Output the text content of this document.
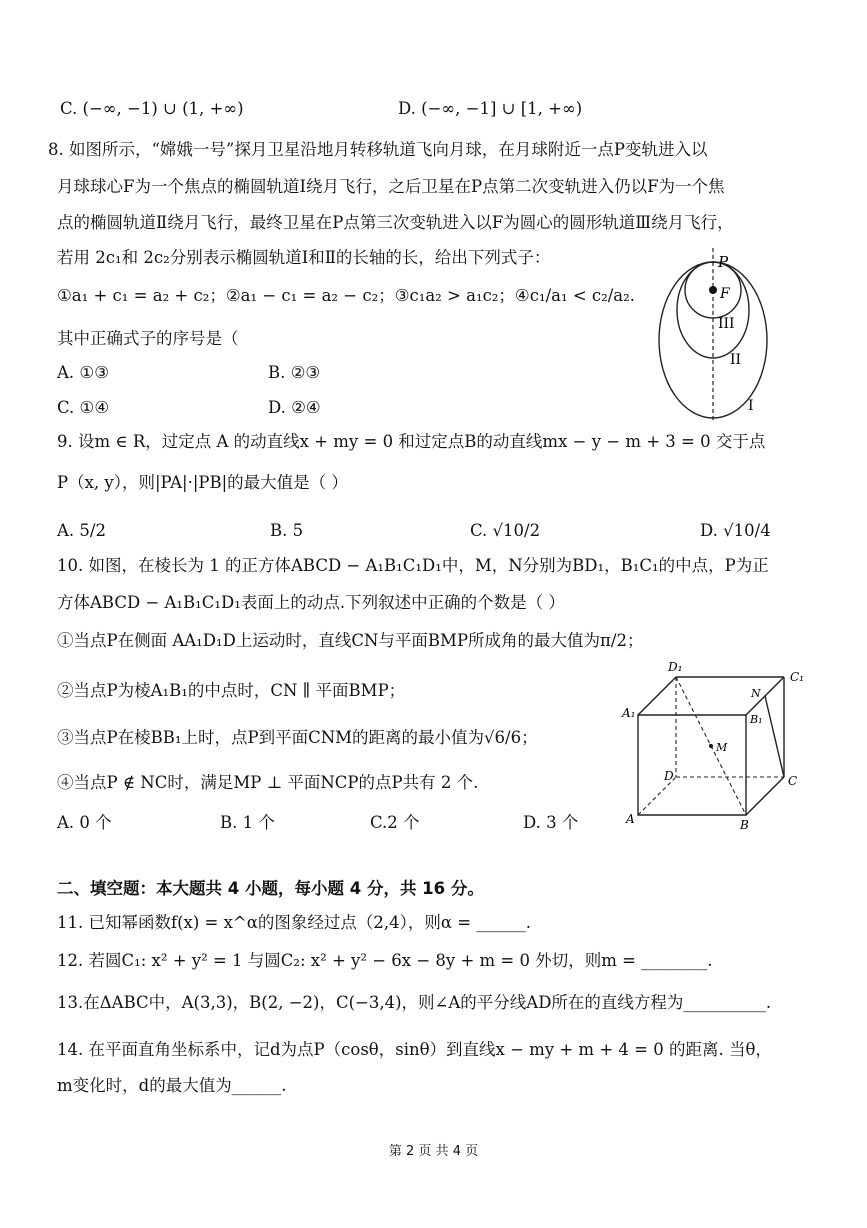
C. (−∞, −1) ∪ (1, +∞)	D. (−∞, −1] ∪ [1, +∞)
8. 如图所示，“嫦娥一号”探月卫星沿地月转移轨道飞向月球，在月球附近一点P变轨进入以
月球球心F为一个焦点的椭圆轨道Ⅰ绕月飞行，之后卫星在P点第二次变轨进入仍以F为一个焦
点的椭圆轨道Ⅱ绕月飞行，最终卫星在P点第三次变轨进入以F为圆心的圆形轨道Ⅲ绕月飞行，
若用 2c₁和 2c₂分别表示椭圆轨道Ⅰ和Ⅱ的长轴的长，给出下列式子：
①a₁ + c₁ = a₂ + c₂；②a₁ − c₁ = a₂ − c₂；③c₁a₂ > a₁c₂；④c₁/a₁ < c₂/a₂.
其中正确式子的序号是（
A. ①③	B. ②③
C. ①④	D. ②④
P
F
III
II
I
9. 设m ∈ R，过定点 A 的动直线x + my = 0 和过定点B的动直线mx − y − m + 3 = 0 交于点
P（x, y），则|PA|·|PB|的最大值是（ ）
A. 5/2	B. 5	C. √10/2	D. √10/4
10. 如图，在棱长为 1 的正方体ABCD − A₁B₁C₁D₁中，M，N分别为BD₁，B₁C₁的中点，P为正
方体ABCD − A₁B₁C₁D₁表面上的动点.下列叙述中正确的个数是（ ）
①当点P在侧面 AA₁D₁D上运动时，直线CN与平面BMP所成角的最大值为π/2；
②当点P为棱A₁B₁的中点时，CN ∥ 平面BMP；
③当点P在棱BB₁上时，点P到平面CNM的距离的最小值为√6/6；
④当点P ∉ NC时，满足MP ⊥ 平面NCP的点P共有 2 个.
A. 0 个	B. 1 个	C.2 个	D. 3 个
D₁
C₁
A₁	B₁
N
M
D	C
A	B
二、填空题：本大题共 4 小题，每小题 4 分，共 16 分。
11. 已知幂函数f(x) = x^α的图象经过点（2,4），则α = ______.
12. 若圆C₁: x² + y² = 1 与圆C₂: x² + y² − 6x − 8y + m = 0 外切，则m = ________.
13.在ΔABC中，A(3,3)，B(2, −2)，C(−3,4)，则∠A的平分线AD所在的直线方程为__________.
14. 在平面直角坐标系中，记d为点P（cosθ，sinθ）到直线x − my + m + 4 = 0 的距离. 当θ，
m变化时，d的最大值为______.
第 2 页 共 4 页
